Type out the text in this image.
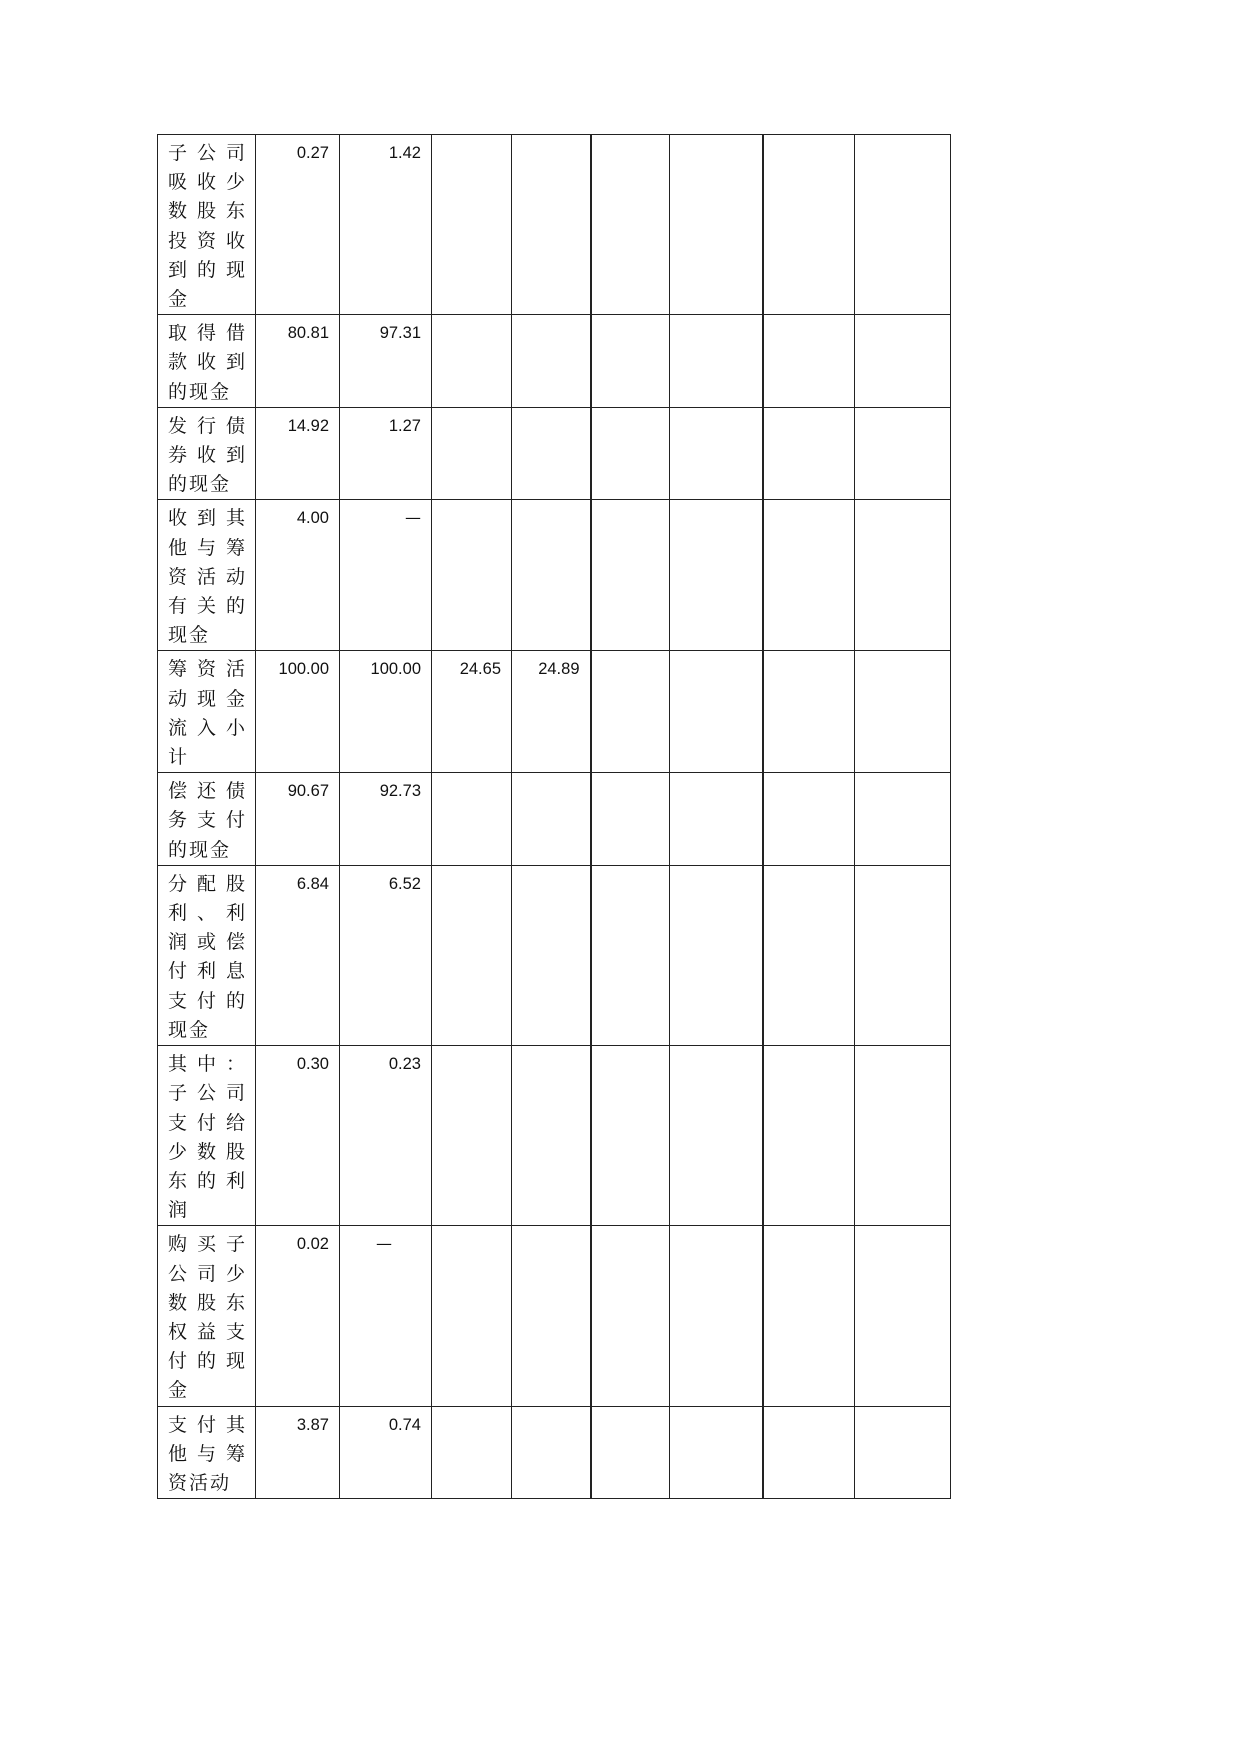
子公司吸收少数股东投资收到的现金	0.27	1.42						

取得借款收到的现金	80.81	97.31						

发行债券收到的现金	14.92	1.27						

收到其他与筹资活动有关的现金	4.00	—						

筹资活动现金流入小计	100.00	100.00	24.65	24.89				

偿还债务支付的现金	90.67	92.73						

分配股利、利润或偿付利息支付的现金	6.84	6.52						

其中：子公司支付给少数股东的利润	0.30	0.23						

购买子公司少数股东权益支付的现金	0.02	—						

支付其他与筹资活动	3.87	0.74						
